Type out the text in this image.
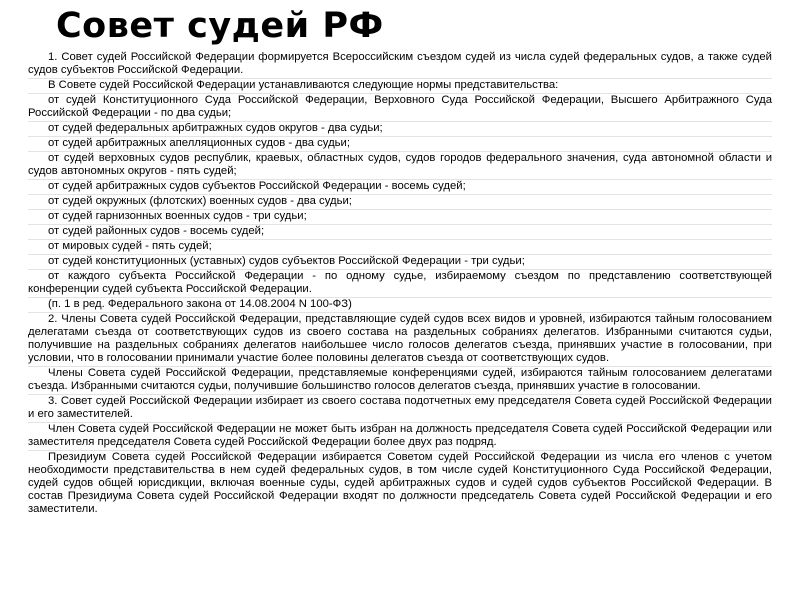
Совет судей РФ

1. Совет судей Российской Федерации формируется Всероссийским съездом судей из числа судей федеральных судов, а также судей судов субъектов Российской Федерации.

В Совете судей Российской Федерации устанавливаются следующие нормы представительства:

от судей Конституционного Суда Российской Федерации, Верховного Суда Российской Федерации, Высшего Арбитражного Суда Российской Федерации - по два судьи;

от судей федеральных арбитражных судов округов - два судьи;

от судей арбитражных апелляционных судов - два судьи;

от судей верховных судов республик, краевых, областных судов, судов городов федерального значения, суда автономной области и судов автономных округов - пять судей;

от судей арбитражных судов субъектов Российской Федерации - восемь судей;

от судей окружных (флотских) военных судов - два судьи;

от судей гарнизонных военных судов - три судьи;

от судей районных судов - восемь судей;

от мировых судей - пять судей;

от судей конституционных (уставных) судов субъектов Российской Федерации - три судьи;

от каждого субъекта Российской Федерации - по одному судье, избираемому съездом по представлению соответствующей конференции судей субъекта Российской Федерации.

(п. 1 в ред. Федерального закона от 14.08.2004 N 100-ФЗ)

2. Члены Совета судей Российской Федерации, представляющие судей судов всех видов и уровней, избираются тайным голосованием делегатами съезда от соответствующих судов из своего состава на раздельных собраниях делегатов. Избранными считаются судьи, получившие на раздельных собраниях делегатов наибольшее число голосов делегатов съезда, принявших участие в голосовании, при условии, что в голосовании принимали участие более половины делегатов съезда от соответствующих судов.

Члены Совета судей Российской Федерации, представляемые конференциями судей, избираются тайным голосованием делегатами съезда. Избранными считаются судьи, получившие большинство голосов делегатов съезда, принявших участие в голосовании.

3. Совет судей Российской Федерации избирает из своего состава подотчетных ему председателя Совета судей Российской Федерации и его заместителей.

Член Совета судей Российской Федерации не может быть избран на должность председателя Совета судей Российской Федерации или заместителя председателя Совета судей Российской Федерации более двух раз подряд.

Президиум Совета судей Российской Федерации избирается Советом судей Российской Федерации из числа его членов с учетом необходимости представительства в нем судей федеральных судов, в том числе судей Конституционного Суда Российской Федерации, судей судов общей юрисдикции, включая военные суды, судей арбитражных судов и судей судов субъектов Российской Федерации. В состав Президиума Совета судей Российской Федерации входят по должности председатель Совета судей Российской Федерации и его заместители.
